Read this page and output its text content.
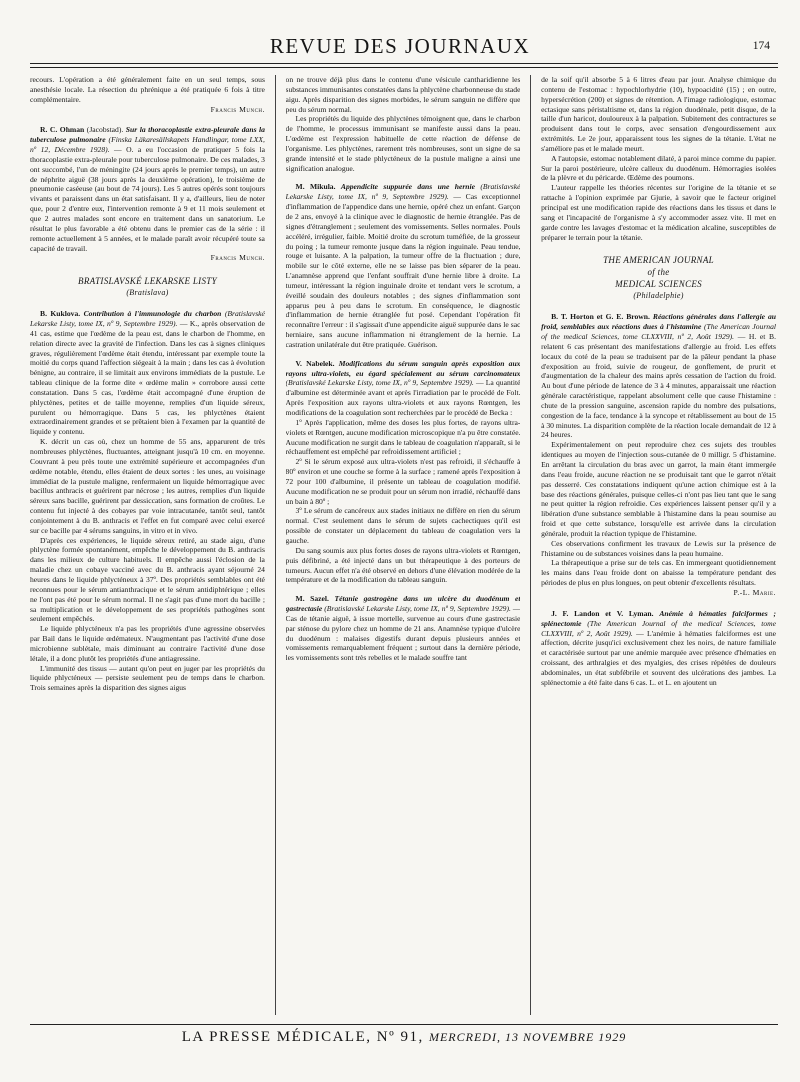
REVUE DES JOURNAUX	174

recours. L'opération a été généralement faite en un seul temps, sous anesthésie locale. La résection du phrénique a été pratiquée 6 fois à titre complémentaire.

Francis Munch.

R. C. Ohman (Jacobstad). Sur la thoracoplastie extra-pleurale dans la tuberculose pulmonaire (Finska Läkaresällskapets Handlingar, tome LXX, nº 12, Décembre 1928). — O. a eu l'occasion de pratiquer 5 fois la thoracoplastie extra-pleurale pour tuberculose pulmonaire. De ces malades, 3 ont succombé, l'un de méningite (24 jours après le premier temps), un autre de néphrite aiguë (38 jours après la deuxième opération), le troisième de pneumonie caséeuse (au bout de 74 jours). Les 5 autres opérés sont toujours vivants et paraissent dans un état satisfaisant. Il y a, d'ailleurs, lieu de noter que, pour 2 d'entre eux, l'intervention remonte à 9 et 11 mois seulement et que 2 autres malades sont encore en traitement dans un sanatorium. Le résultat le plus favorable a été obtenu dans le premier cas de la série : il remonte actuellement à 5 années, et le malade paraît avoir récupéré toute sa capacité de travail.

Francis Munch.
BRATISLAVSKÉ LEKARSKE LISTY
(Bratislava)

B. Kuklova. Contribution à l'immunologie du charbon (Bratislavské Lekarske Listy, tome IX, nº 9, Septembre 1929). — K., après observation de 41 cas, estime que l'œdème de la peau est, dans le charbon de l'homme, en relation directe avec la gravité de l'infection. Dans les cas à signes cliniques graves, régulièrement l'œdème était étendu, intéressant par exemple toute la moitié du corps quand l'affection siégeait à la main ; dans les cas à évolution bénigne, au contraire, il se limitait aux environs immédiats de la pustule. Le tableau clinique de la forme dite « œdème malin » corrobore aussi cette constatation. Dans 5 cas, l'œdème était accompagné d'une éruption de phlyctènes, petites et de taille moyenne, remplies d'un liquide séreux, purulent ou hémorragique. Dans 5 cas, les phlyctènes étaient extraordinairement grandes et se prêtaient bien à l'examen par la quantité de liquide y contenu.

K. décrit un cas où, chez un homme de 55 ans, apparurent de très nombreuses phlyctènes, fluctuantes, atteignant jusqu'à 10 cm. en moyenne. Couvrant à peu près toute une extrémité supérieure et accompagnées d'un œdème notable, étendu, elles étaient de deux sortes : les unes, au voisinage immédiat de la pustule maligne, renfermaient un liquide hémorragique avec bacillus anthracis et guérirent par nécrose ; les autres, remplies d'un liquide séreux sans bacille, guérirent par dessiccation, sans formation de croûtes. Le contenu fut injecté à des cobayes par voie intracutanée, tantôt seul, tantôt conjointement à du B. anthracis et l'effet en fut comparé avec celui exercé sur ce bacille par 4 sérums sanguins, in vitro et in vivo.

D'après ces expériences, le liquide séreux retiré, au stade aigu, d'une phlyctène formée spontanément, empêche le développement du B. anthracis dans les milieux de culture habituels. Il empêche aussi l'éclosion de la maladie chez un cobaye vacciné avec du B. anthracis ayant séjourné 24 heures dans le liquide phlycténeux à 37º. Des propriétés semblables ont été reconnues pour le sérum antianthracique et le sérum antidiphtérique ; elles ne l'ont pas été pour le sérum normal. Il ne s'agit pas d'une mort du bacille ; sa multiplication et le développement de ses propriétés pathogènes sont seulement empêchés.

Le liquide phlycténeux n'a pas les propriétés d'une agressine observées par Bail dans le liquide œdémateux. N'augmentant pas l'activité d'une dose microbienne sublétale, mais diminuant au contraire l'activité d'une dose létale, il a donc plutôt les propriétés d'une antiagressine.

L'immunité des tissus — autant qu'on peut en juger par les propriétés du liquide phlycténeux — persiste seulement peu de temps dans le charbon. Trois semaines après la disparition des signes aigus

on ne trouve déjà plus dans le contenu d'une vésicule cantharidienne les substances immunisantes constatées dans la phlyctène charbonneuse du stade aigu. Après disparition des signes morbides, le sérum sanguin ne diffère que peu du sérum normal.

Les propriétés du liquide des phlyctènes témoignent que, dans le charbon de l'homme, le processus immunisant se manifeste aussi dans la peau. L'œdème est l'expression habituelle de cette réaction de défense de l'organisme. Les phlyctènes, rarement très nombreuses, sont un signe de sa grande intensité et le stade phlycténeux de la pustule maligne a ainsi une signification analogue.

M. Mikula. Appendicite suppurée dans une hernie (Bratislavské Lekarske Listy, tome IX, nº 9, Septembre 1929). — Cas exceptionnel d'inflammation de l'appendice dans une hernie, opéré chez un enfant. Garçon de 2 ans, envoyé à la clinique avec le diagnostic de hernie étranglée. Pas de signes d'étranglement ; seulement des vomissements. Selles normales. Pouls accéléré, irrégulier, faible. Moitié droite du scrotum tuméfiée, de la grosseur du poing ; la tumeur remonte jusque dans la région inguinale. Peau tendue, rouge et luisante. A la palpation, la tumeur offre de la fluctuation ; dure, mobile sur le côté externe, elle ne se laisse pas bien séparer de la peau. L'anamnèse apprend que l'enfant souffrait d'une hernie libre à droite. La tumeur, intéressant la région inguinale droite et tendant vers le scrotum, a éveillé soudain des douleurs notables ; des signes d'inflammation sont apparus peu à peu dans le scrotum. En conséquence, le diagnostic d'inflammation de hernie étranglée fut posé. Cependant l'opération fit reconnaître l'erreur : il s'agissait d'une appendicite aiguë suppurée dans le sac herniaire, sans aucune inflammation ni étranglement de la hernie. La castration unilatérale dut être pratiquée. Guérison.

V. Nabelek. Modifications du sérum sanguin après exposition aux rayons ultra-violets, eu égard spécialement au sérum carcinomateux (Bratislavské Lekarske Listy, tome IX, nº 9, Septembre 1929). — La quantité d'albumine est déterminée avant et après l'irradiation par le procédé de Folt. Après l'exposition aux rayons ultra-violets et aux rayons Rœntgen, les modifications de la coagulation sont recherchées par le procédé de Becka :

1º Après l'application, même des doses les plus fortes, de rayons ultra-violets et Rœntgen, aucune modification microscopique n'a pu être constatée. Aucune modification ne surgit dans le tableau de coagulation n'apparaît, si le réchauffement est empêché par refroidissement artificiel ;

2º Si le sérum exposé aux ultra-violets n'est pas refroidi, il s'échauffe à 80º environ et une couche se forme à la surface ; ramené après l'exposition à 72 pour 100 d'albumine, il présente un tableau de coagulation modifié. Aucune modification ne se produit pour un sérum non irradié, réchauffé dans un bain à 80º ;

3º Le sérum de cancéreux aux stades initiaux ne diffère en rien du sérum normal. C'est seulement dans le sérum de sujets cachectiques qu'il est possible de constater un déplacement du tableau de coagulation vers la gauche.

Du sang soumis aux plus fortes doses de rayons ultra-violets et Rœntgen, puis défibriné, a été injecté dans un but thérapeutique à des porteurs de tumeurs. Aucun effet n'a été observé en dehors d'une élévation modérée de la température et de la modification du tableau sanguin.

M. Sazel. Tétanie gastrogène dans un ulcère du duodénum et gastrectasie (Bratislavské Lekarske Listy, tome IX, nº 9, Septembre 1929). — Cas de tétanie aiguë, à issue mortelle, survenue au cours d'une gastrectasie par sténose du pylore chez un homme de 21 ans. Anamnèse typique d'ulcère du duodénum : malaises digestifs durant depuis plusieurs années et vomissements remarquablement fréquent ; surtout dans la dernière période, les vomissements sont très rebelles et le malade souffre tant

de la soif qu'il absorbe 5 à 6 litres d'eau par jour. Analyse chimique du contenu de l'estomac : hypochlorhydrie (10), hypoacidité (15) ; en outre, hypersécrétion (200) et signes de rétention. A l'image radiologique, estomac ectasique sans péristaltisme et, dans la région duodénale, petit disque, de la taille d'un haricot, douloureux à la palpation. Subitement des contractures se produisent dans tout le corps, avec sensation d'engourdissement aux extrémités. Le 2e jour, apparaissent tous les signes de la tétanie. L'état ne s'améliore pas et le malade meurt.

A l'autopsie, estomac notablement dilaté, à paroi mince comme du papier. Sur la paroi postérieure, ulcère calleux du duodénum. Hémorragies isolées de la plèvre et du péricarde. Œdème des poumons.

L'auteur rappelle les théories récentes sur l'origine de la tétanie et se rattache à l'opinion exprimée par Gjurie, à savoir que le facteur originel principal est une modification rapide des réactions dans les tissus et dans le sang et l'incapacité de l'organisme à s'y accommoder assez vite. Il met en garde contre les lavages d'estomac et la médication alcaline, susceptibles de préparer le terrain pour la tétanie.

THE AMERICAN JOURNAL
of the
MEDICAL SCIENCES
(Philadelphie)

B. T. Horton et G. E. Brown. Réactions générales dans l'allergie au froid, semblables aux réactions dues à l'histamine (The American Journal of the medical Sciences, tome CLXXVIII, nº 2, Août 1929). — H. et B. relatent 6 cas présentant des manifestations d'allergie au froid. Les effets locaux du coté de la peau se traduisent par de la pâleur pendant la phase d'exposition au froid, suivie de rougeur, de gonflement, de prurit et d'augmentation de la chaleur des mains après cessation de l'action du froid. Au bout d'une période de latence de 3 à 4 minutes, apparaissait une réaction générale caractéristique, rappelant absolument celle que cause l'histamine : chute de la pression sanguine, ascension rapide du nombre des pulsations, congestion de la face, tendance à la syncope et rétablissement au bout de 15 à 30 minutes. La disparition complète de la réaction locale demandait de 12 à 24 heures.

Expérimentalement on peut reproduire chez ces sujets des troubles identiques au moyen de l'injection sous-cutanée de 0 milligr. 5 d'histamine. En arrêtant la circulation du bras avec un garrot, la main étant immergée dans l'eau froide, aucune réaction ne se produisait tant que le garrot n'était pas desserré. Ces constatations indiquent qu'une action chimique est à la base des réactions générales, puisque celles-ci n'ont pas lieu tant que le sang ne peut quitter la région refroidie. Ces expériences laissent penser qu'il y a libération d'une substance semblable à l'histamine dans la peau soumise au froid et que cette substance, lorsqu'elle est arrivée dans la circulation générale, produit la réaction typique de l'histamine.

Ces observations confirment les travaux de Lewis sur la présence de l'histamine ou de substances voisines dans la peau humaine.

La thérapeutique a prise sur de tels cas. En immergeant quotidiennement les mains dans l'eau froide dont on abaisse la température pendant des périodes de plus en plus longues, on peut obtenir d'excellents résultats.

P.-L. Marie.

J. F. Landon et V. Lyman. Anémie à hématies falciformes ; splénectomie (The American Journal of the medical Sciences, tome CLXXVIII, nº 2, Août 1929). — L'anémie à hématies falciformes est une affection, décrite jusqu'ici exclusivement chez les noirs, de nature familiale et caractérisée surtout par une anémie marquée avec présence d'hématies en croissant, des arthralgies et des myalgies, des crises répétées de douleurs abdominales, un état subfébrile et souvent des ulcérations des jambes. La splénectomie a été faite dans 6 cas. L. et L. en ajoutent un

LA PRESSE MÉDICALE, Nº 91, MERCREDI, 13 NOVEMBRE 1929
